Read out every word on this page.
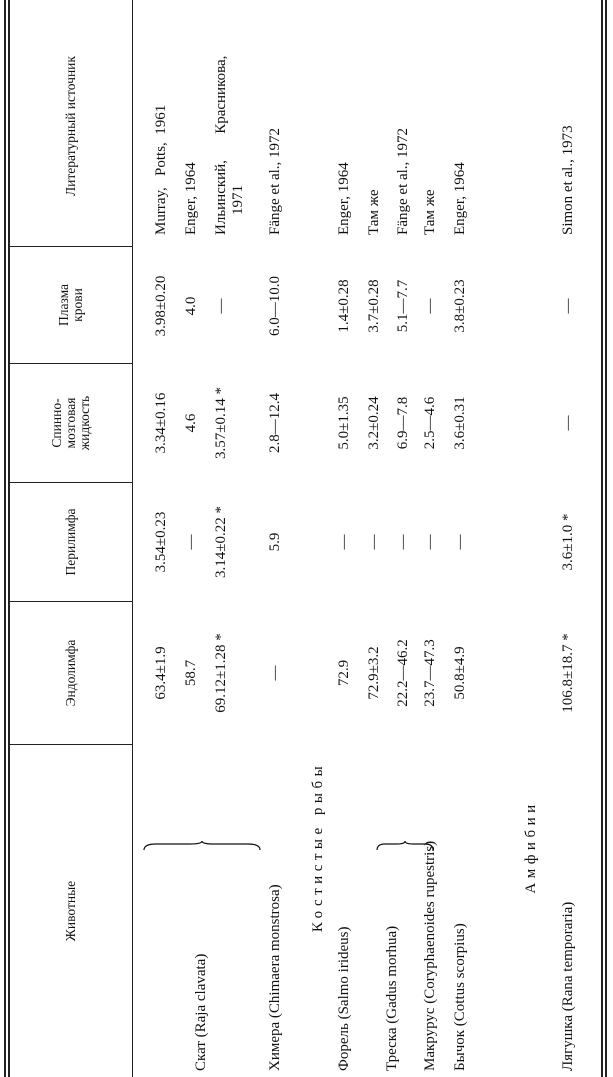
Животные
Эндолимфа
Перилимфа
Спинно-
мозговая
жидкость
Плазма
крови
Литературный источник
Костистые рыбы	Амфибии
Скат (Raja clavata)
63.4±1.9
3.54±0.23
3.34±0.16
3.98±0.20
Murray,   Potts,  1961
58.7
—
4.6
4.0
Enger, 1964
69.12±1.28 *
3.14±0.22 *
3.57±0.14 *
—
Ильинский,       Красникова, 1971
Химера (Chimaera monstrosa)
—
5.9
2.8—12.4
6.0—10.0
Fänge et al., 1972
Форель (Salmo irideus)
72.9
—
5.0±1.35
1.4±0.28
Enger, 1964
Треска (Gadus morhua)
72.9±3.2
—
3.2±0.24
3.7±0.28
Там же
22.2—46.2
—
6.9—7.8
5.1—7.7
Fänge et al., 1972
Макрурус (Coryphaenoides rupestris)
23.7—47.3
—
2.5—4.6
—
Там же
Бычок (Cottus scorpius)
50.8±4.9
—
3.6±0.31
3.8±0.23
Enger, 1964
Лягушка (Rana temporaria)
106.8±18.7 *
3.6±1.0 *
—
—
Simon et al., 1973
